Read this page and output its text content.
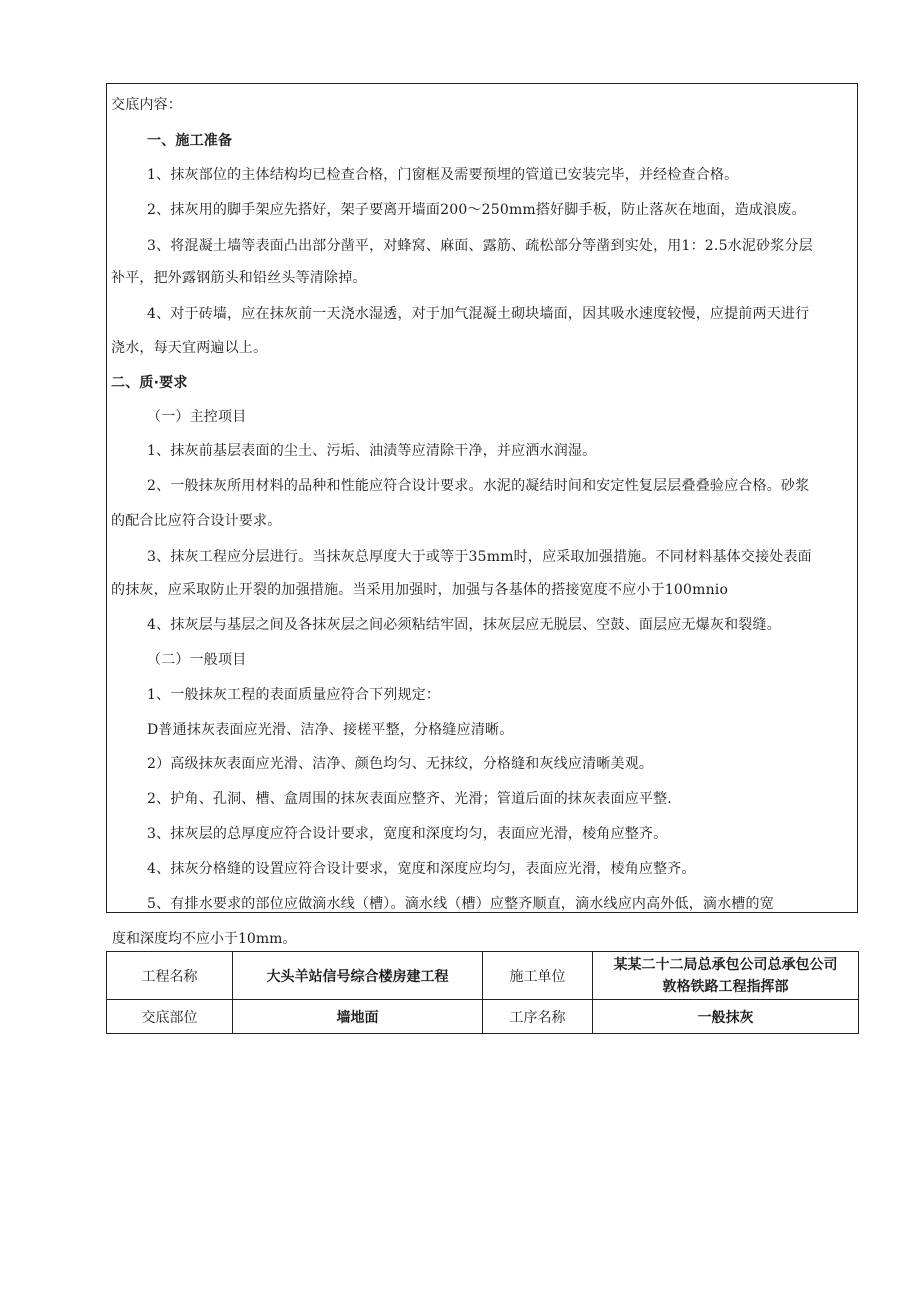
交底内容：
一、施工准备
1、抹灰部位的主体结构均已检查合格，门窗框及需要预埋的管道已安装完毕，并经检查合格。
2、抹灰用的脚手架应先搭好，架子要离开墙面200～250mm搭好脚手板，防止落灰在地面，造成浪废。
3、将混凝土墙等表面凸出部分凿平，对蜂窝、麻面、露筋、疏松部分等凿到实处，用1：2.5水泥砂浆分层
补平，把外露钢筋头和铅丝头等清除掉。
4、对于砖墙，应在抹灰前一天浇水湿透，对于加气混凝土砌块墙面，因其吸水速度较慢，应提前两天进行
浇水，每天宜两遍以上。
二、质·要求
（一）主控项目
1、抹灰前基层表面的尘土、污垢、油渍等应清除干净，并应洒水润湿。
2、一般抹灰所用材料的品种和性能应符合设计要求。水泥的凝结时间和安定性复层层叠叠验应合格。砂浆
的配合比应符合设计要求。
3、抹灰工程应分层进行。当抹灰总厚度大于或等于35mm时，应采取加强措施。不同材料基体交接处表面
的抹灰，应采取防止开裂的加强措施。当采用加强时，加强与各基体的搭接宽度不应小于100mnio
4、抹灰层与基层之间及各抹灰层之间必须粘结牢固，抹灰层应无脱层、空鼓、面层应无爆灰和裂缝。
（二）一般项目
1、一般抹灰工程的表面质量应符合下列规定：
D普通抹灰表面应光滑、洁净、接槎平整，分格缝应清晰。
2）高级抹灰表面应光滑、洁净、颜色均匀、无抹纹，分格缝和灰线应清晰美观。
2、护角、孔洞、槽、盒周围的抹灰表面应整齐、光滑；管道后面的抹灰表面应平整.
3、抹灰层的总厚度应符合设计要求，宽度和深度均匀，表面应光滑，棱角应整齐。
4、抹灰分格缝的设置应符合设计要求，宽度和深度应均匀，表面应光滑，棱角应整齐。
5、有排水要求的部位应做滴水线（槽）。滴水线（槽）应整齐顺直，滴水线应内高外低，滴水槽的宽
度和深度均不应小于10mm。
工程名称	大头羊站信号综合楼房建工程	施工单位	某某二十二局总承包公司总承包公司
敦格铁路工程指挥部

交底部位	墙地面	工序名称	一般抹灰
